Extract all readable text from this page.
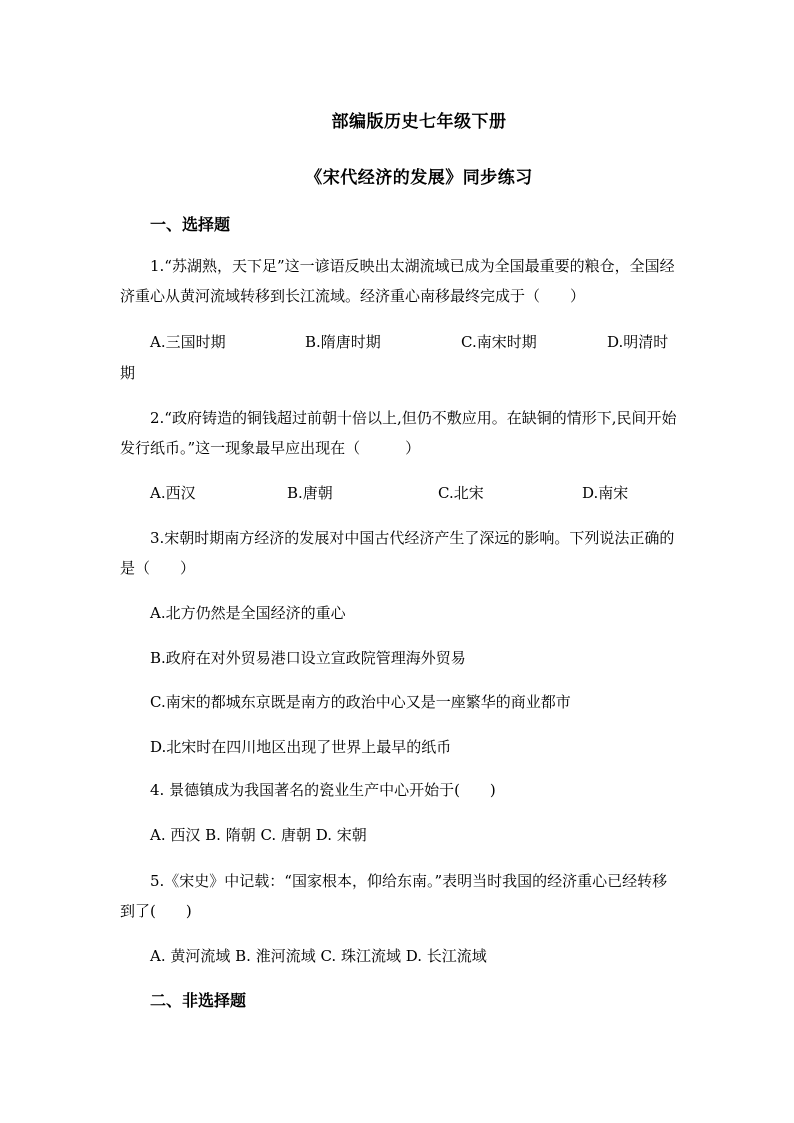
部编版历史七年级下册
《宋代经济的发展》同步练习
一、选择题
1.“苏湖熟，天下足”这一谚语反映出太湖流域已成为全国最重要的粮仓，全国经济重心从黄河流域转移到长江流域。经济重心南移最终完成于（　　）
A.三国时期	B.隋唐时期	C.南宋时期	D.明清时
期
2.“政府铸造的铜钱超过前朝十倍以上,但仍不敷应用。在缺铜的情形下,民间开始发行纸币。”这一现象最早应出现在（　　　）
A.西汉	B.唐朝	C.北宋	D.南宋
3.宋朝时期南方经济的发展对中国古代经济产生了深远的影响。下列说法正确的是（　　）
A.北方仍然是全国经济的重心
B.政府在对外贸易港口设立宣政院管理海外贸易
C.南宋的都城东京既是南方的政治中心又是一座繁华的商业都市
D.北宋时在四川地区出现了世界上最早的纸币
4. 景德镇成为我国著名的瓷业生产中心开始于(　　)
A. 西汉 B. 隋朝 C. 唐朝 D. 宋朝
5.《宋史》中记载：“国家根本，仰给东南。”表明当时我国的经济重心已经转移到了(　　)
A. 黄河流域 B. 淮河流域 C. 珠江流域 D. 长江流域
二、非选择题
